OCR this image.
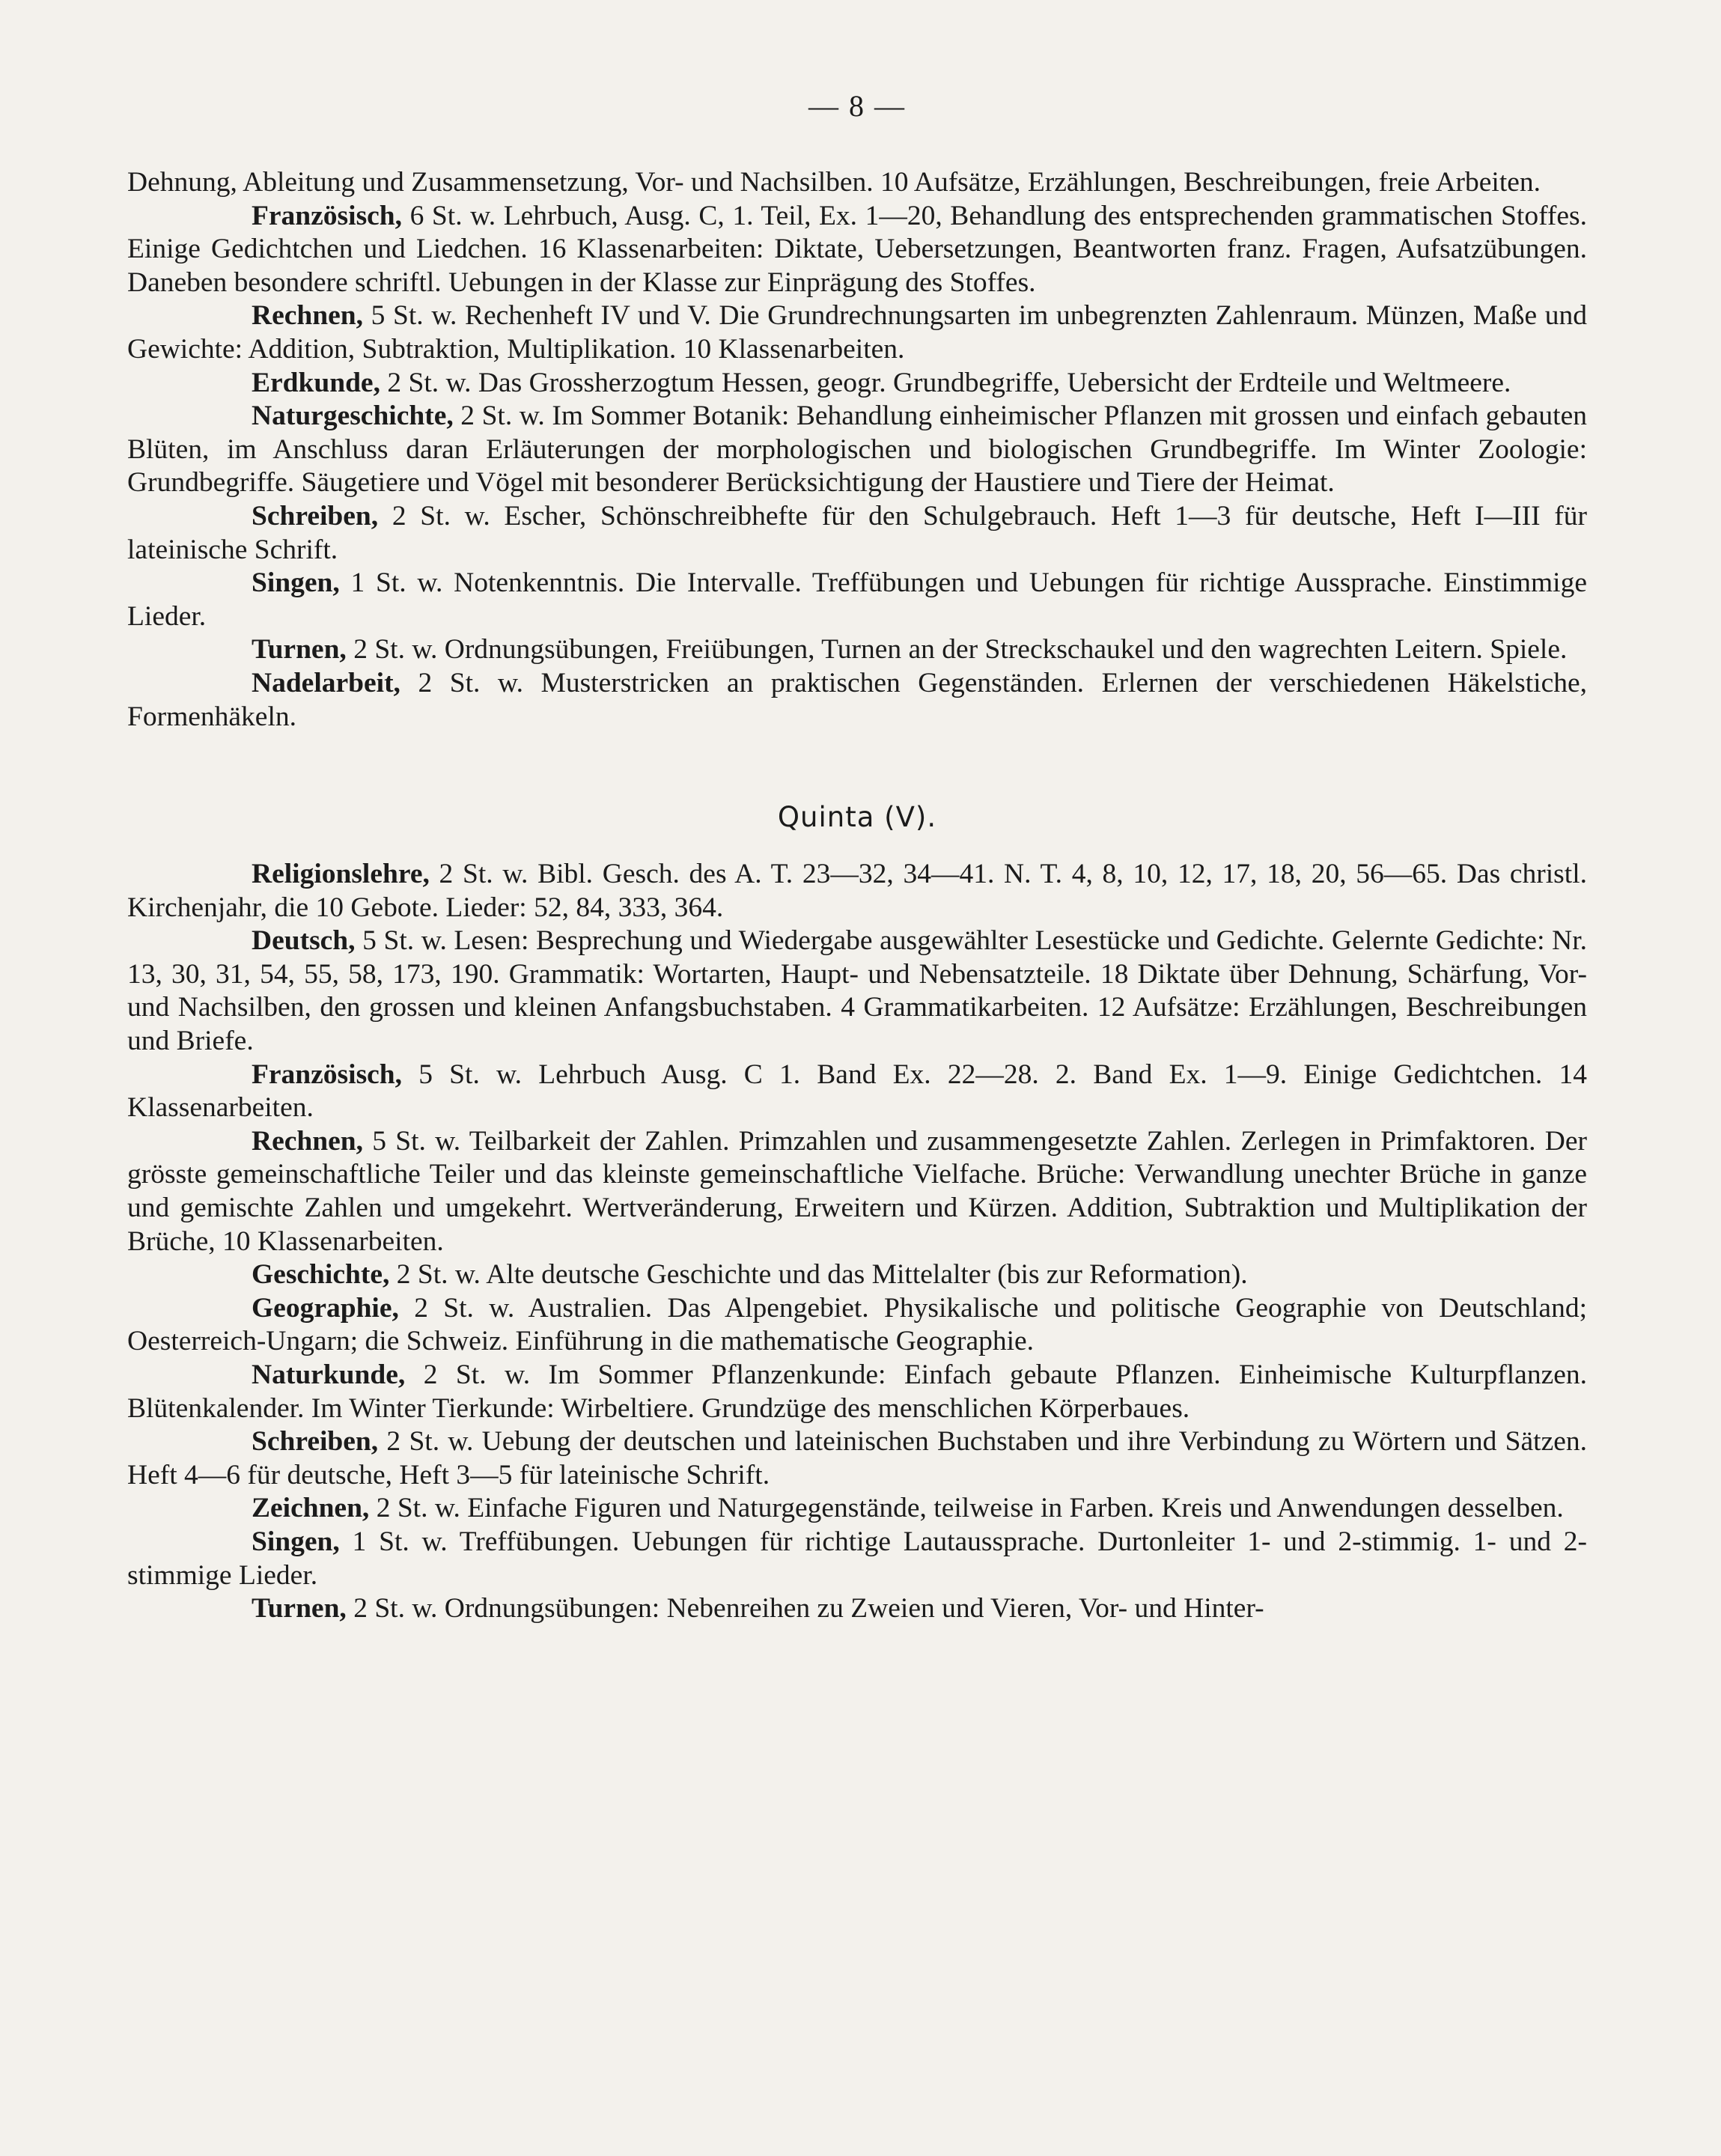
— 8 —

Dehnung, Ableitung und Zusammensetzung, Vor- und Nachsilben. 10 Aufsätze, Erzählungen, Beschreibungen, freie Arbeiten.

Französisch, 6 St. w. Lehrbuch, Ausg. C, 1. Teil, Ex. 1—20, Behandlung des entsprechenden grammatischen Stoffes. Einige Gedichtchen und Liedchen. 16 Klassenarbeiten: Diktate, Uebersetzungen, Beantworten franz. Fragen, Aufsatzübungen. Daneben besondere schriftl. Uebungen in der Klasse zur Einprägung des Stoffes.

Rechnen, 5 St. w. Rechenheft IV und V. Die Grundrechnungsarten im unbegrenzten Zahlenraum. Münzen, Maße und Gewichte: Addition, Subtraktion, Multiplikation. 10 Klassenarbeiten.

Erdkunde, 2 St. w. Das Grossherzogtum Hessen, geogr. Grundbegriffe, Uebersicht der Erdteile und Weltmeere.

Naturgeschichte, 2 St. w. Im Sommer Botanik: Behandlung einheimischer Pflanzen mit grossen und einfach gebauten Blüten, im Anschluss daran Erläuterungen der morphologischen und biologischen Grundbegriffe. Im Winter Zoologie: Grundbegriffe. Säugetiere und Vögel mit besonderer Berücksichtigung der Haustiere und Tiere der Heimat.

Schreiben, 2 St. w. Escher, Schönschreibhefte für den Schulgebrauch. Heft 1—3 für deutsche, Heft I—III für lateinische Schrift.

Singen, 1 St. w. Notenkenntnis. Die Intervalle. Treffübungen und Uebungen für richtige Aussprache. Einstimmige Lieder.

Turnen, 2 St. w. Ordnungsübungen, Freiübungen, Turnen an der Streckschaukel und den wagrechten Leitern. Spiele.

Nadelarbeit, 2 St. w. Musterstricken an praktischen Gegenständen. Erlernen der verschiedenen Häkelstiche, Formenhäkeln.

Quinta (V).

Religionslehre, 2 St. w. Bibl. Gesch. des A. T. 23—32, 34—41. N. T. 4, 8, 10, 12, 17, 18, 20, 56—65. Das christl. Kirchenjahr, die 10 Gebote. Lieder: 52, 84, 333, 364.

Deutsch, 5 St. w. Lesen: Besprechung und Wiedergabe ausgewählter Lesestücke und Gedichte. Gelernte Gedichte: Nr. 13, 30, 31, 54, 55, 58, 173, 190. Grammatik: Wortarten, Haupt- und Nebensatzteile. 18 Diktate über Dehnung, Schärfung, Vor- und Nachsilben, den grossen und kleinen Anfangsbuchstaben. 4 Grammatikarbeiten. 12 Aufsätze: Erzählungen, Beschreibungen und Briefe.

Französisch, 5 St. w. Lehrbuch Ausg. C 1. Band Ex. 22—28. 2. Band Ex. 1—9. Einige Gedichtchen. 14 Klassenarbeiten.

Rechnen, 5 St. w. Teilbarkeit der Zahlen. Primzahlen und zusammengesetzte Zahlen. Zerlegen in Primfaktoren. Der grösste gemeinschaftliche Teiler und das kleinste gemeinschaftliche Vielfache. Brüche: Verwandlung unechter Brüche in ganze und gemischte Zahlen und umgekehrt. Wertveränderung, Erweitern und Kürzen. Addition, Subtraktion und Multiplikation der Brüche, 10 Klassenarbeiten.

Geschichte, 2 St. w. Alte deutsche Geschichte und das Mittelalter (bis zur Reformation).

Geographie, 2 St. w. Australien. Das Alpengebiet. Physikalische und politische Geographie von Deutschland; Oesterreich-Ungarn; die Schweiz. Einführung in die mathematische Geographie.

Naturkunde, 2 St. w. Im Sommer Pflanzenkunde: Einfach gebaute Pflanzen. Einheimische Kulturpflanzen. Blütenkalender. Im Winter Tierkunde: Wirbeltiere. Grundzüge des menschlichen Körperbaues.

Schreiben, 2 St. w. Uebung der deutschen und lateinischen Buchstaben und ihre Verbindung zu Wörtern und Sätzen. Heft 4—6 für deutsche, Heft 3—5 für lateinische Schrift.

Zeichnen, 2 St. w. Einfache Figuren und Naturgegenstände, teilweise in Farben. Kreis und Anwendungen desselben.

Singen, 1 St. w. Treffübungen. Uebungen für richtige Lautaussprache. Durtonleiter 1- und 2-stimmig. 1- und 2-stimmige Lieder.

Turnen, 2 St. w. Ordnungsübungen: Nebenreihen zu Zweien und Vieren, Vor- und Hinter-
